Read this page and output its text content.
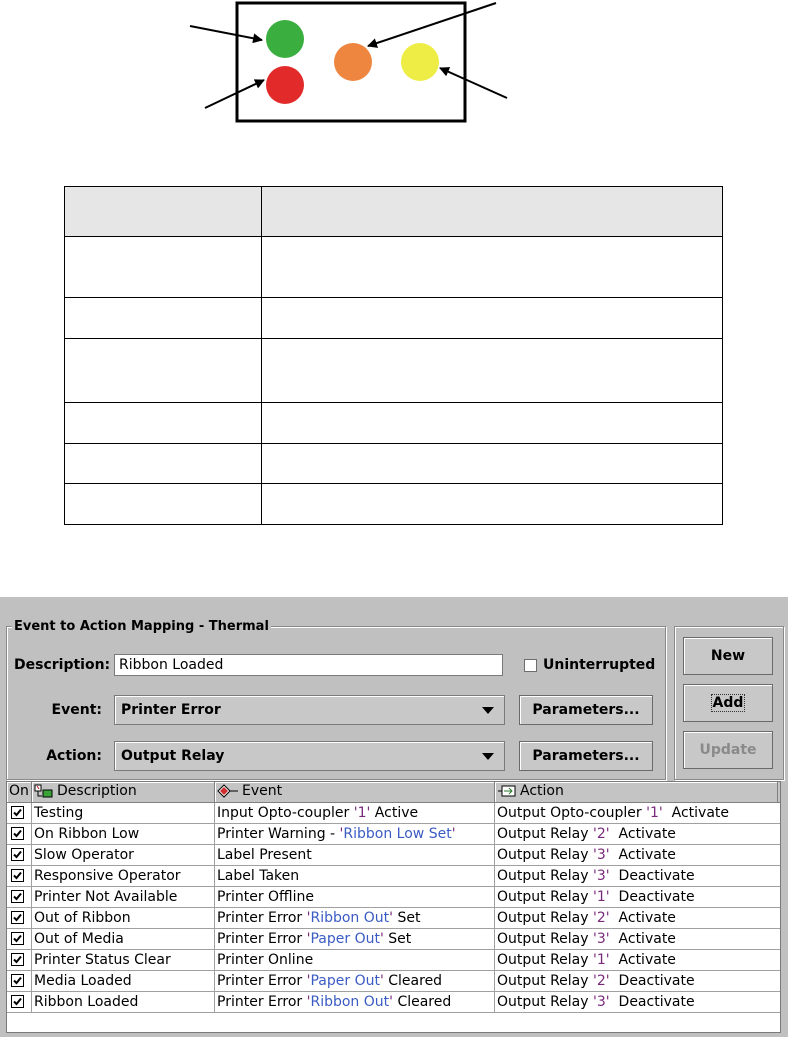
Event to Action Mapping - Thermal
Description: Ribbon Loaded	Uninterrupted
Event: Printer Error	Parameters...
Action: Output Relay	Parameters...
New
Add
Update
On	Description	Event	Action
Testing	Input Opto-coupler '1' Active	Output Opto-coupler '1'  Activate
On Ribbon Low	Printer Warning - 'Ribbon Low Set'	Output Relay '2'  Activate
Slow Operator	Label Present	Output Relay '3'  Activate
Responsive Operator	Label Taken	Output Relay '3'  Deactivate
Printer Not Available	Printer Offline	Output Relay '1'  Deactivate
Out of Ribbon	Printer Error 'Ribbon Out' Set	Output Relay '2'  Activate
Out of Media	Printer Error 'Paper Out' Set	Output Relay '3'  Activate
Printer Status Clear	Printer Online	Output Relay '1'  Activate
Media Loaded	Printer Error 'Paper Out' Cleared	Output Relay '2'  Deactivate
Ribbon Loaded	Printer Error 'Ribbon Out' Cleared	Output Relay '3'  Deactivate
